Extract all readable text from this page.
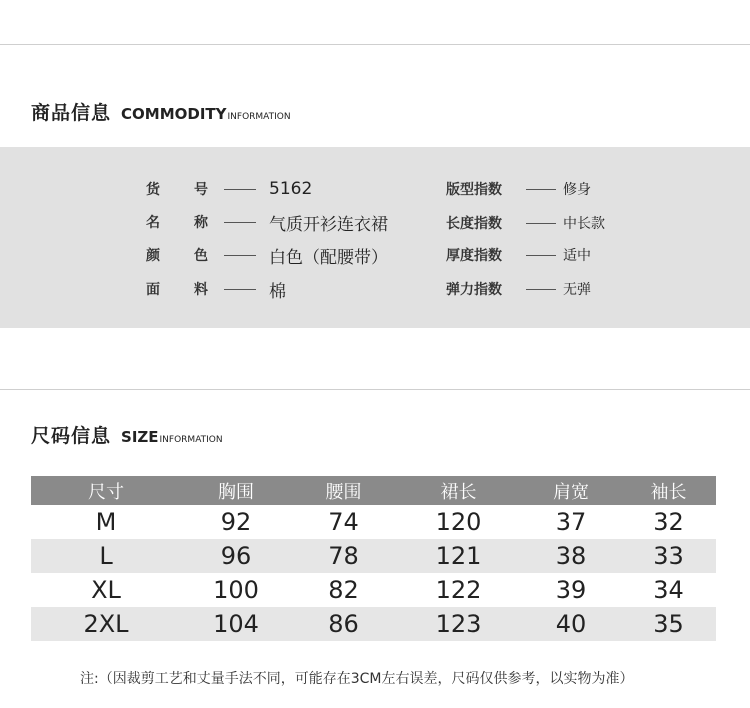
商品信息 COMMODITY INFORMATION
货 号	5162
名 称	气质开衫连衣裙
颜 色	白色（配腰带）
面 料	棉
版型指数	修身
长度指数	中长款
厚度指数	适中
弹力指数	无弹
尺码信息 SIZE INFORMATION
尺寸	胸围	腰围	裙长	肩宽	袖长
M	92	74	120	37	32
L	96	78	121	38	33
XL	100	82	122	39	34
2XL	104	86	123	40	35
注:（因裁剪工艺和丈量手法不同，可能存在3CM左右误差，尺码仅供参考，以实物为准）
